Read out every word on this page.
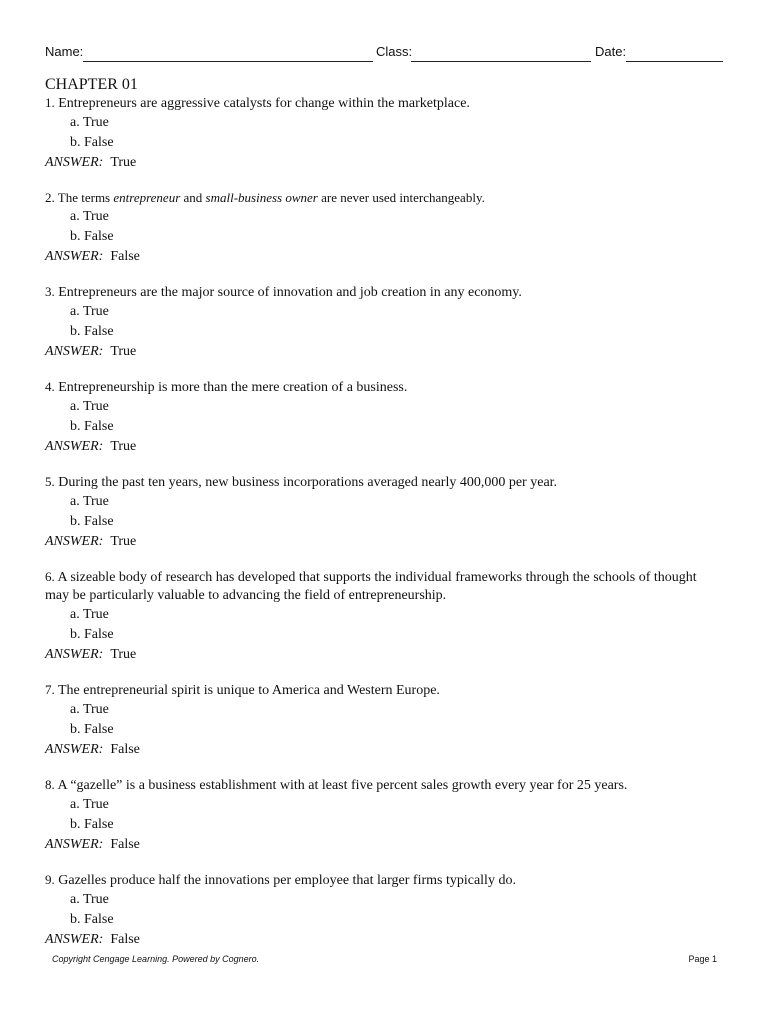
Name:	Class:	Date:
CHAPTER 01
1. Entrepreneurs are aggressive catalysts for change within the marketplace.
a. True
b. False
ANSWER: True
2. The terms entrepreneur and small-business owner are never used interchangeably.
a. True
b. False
ANSWER: False
3. Entrepreneurs are the major source of innovation and job creation in any economy.
a. True
b. False
ANSWER: True
4. Entrepreneurship is more than the mere creation of a business.
a. True
b. False
ANSWER: True
5. During the past ten years, new business incorporations averaged nearly 400,000 per year.
a. True
b. False
ANSWER: True
6. A sizeable body of research has developed that supports the individual frameworks through the schools of thought may be particularly valuable to advancing the field of entrepreneurship.
a. True
b. False
ANSWER: True
7. The entrepreneurial spirit is unique to America and Western Europe.
a. True
b. False
ANSWER: False
8. A “gazelle” is a business establishment with at least five percent sales growth every year for 25 years.
a. True
b. False
ANSWER: False
9. Gazelles produce half the innovations per employee that larger firms typically do.
a. True
b. False
ANSWER: False
Copyright Cengage Learning. Powered by Cognero.	Page 1
